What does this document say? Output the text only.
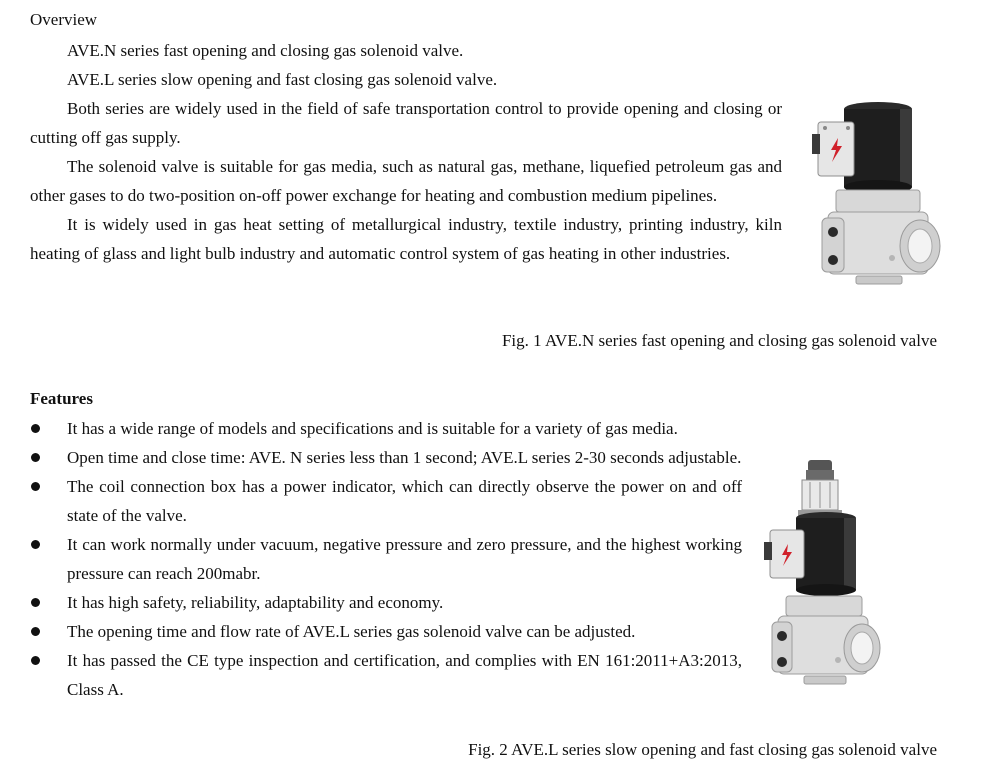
Overview

AVE.N series fast opening and closing gas solenoid valve.

AVE.L series slow opening and fast closing gas solenoid valve.

Both series are widely used in the field of safe transportation control to provide opening and closing or cutting off gas supply.

The solenoid valve is suitable for gas media, such as natural gas, methane, liquefied petroleum gas and other gases to do two-position on-off power exchange for heating and combustion medium pipelines.

It is widely used in gas heat setting of metallurgical industry, textile industry, printing industry, kiln heating of glass and light bulb industry and automatic control system of gas heating in other industries.

Fig. 1 AVE.N series fast opening and closing gas solenoid valve
Features
It has a wide range of models and specifications and is suitable for a variety of gas media.
Open time and close time: AVE. N series less than 1 second; AVE.L series 2-30 seconds adjustable.
The coil connection box has a power indicator, which can directly observe the power on and off state of the valve.
It can work normally under vacuum, negative pressure and zero pressure, and the highest working pressure can reach 200mabr.
It has high safety, reliability, adaptability and economy.
The opening time and flow rate of AVE.L series gas solenoid valve can be adjusted.
It has passed the CE type inspection and certification, and complies with EN 161:2011+A3:2013, Class A.
Fig. 2 AVE.L series slow opening and fast closing gas solenoid valve
